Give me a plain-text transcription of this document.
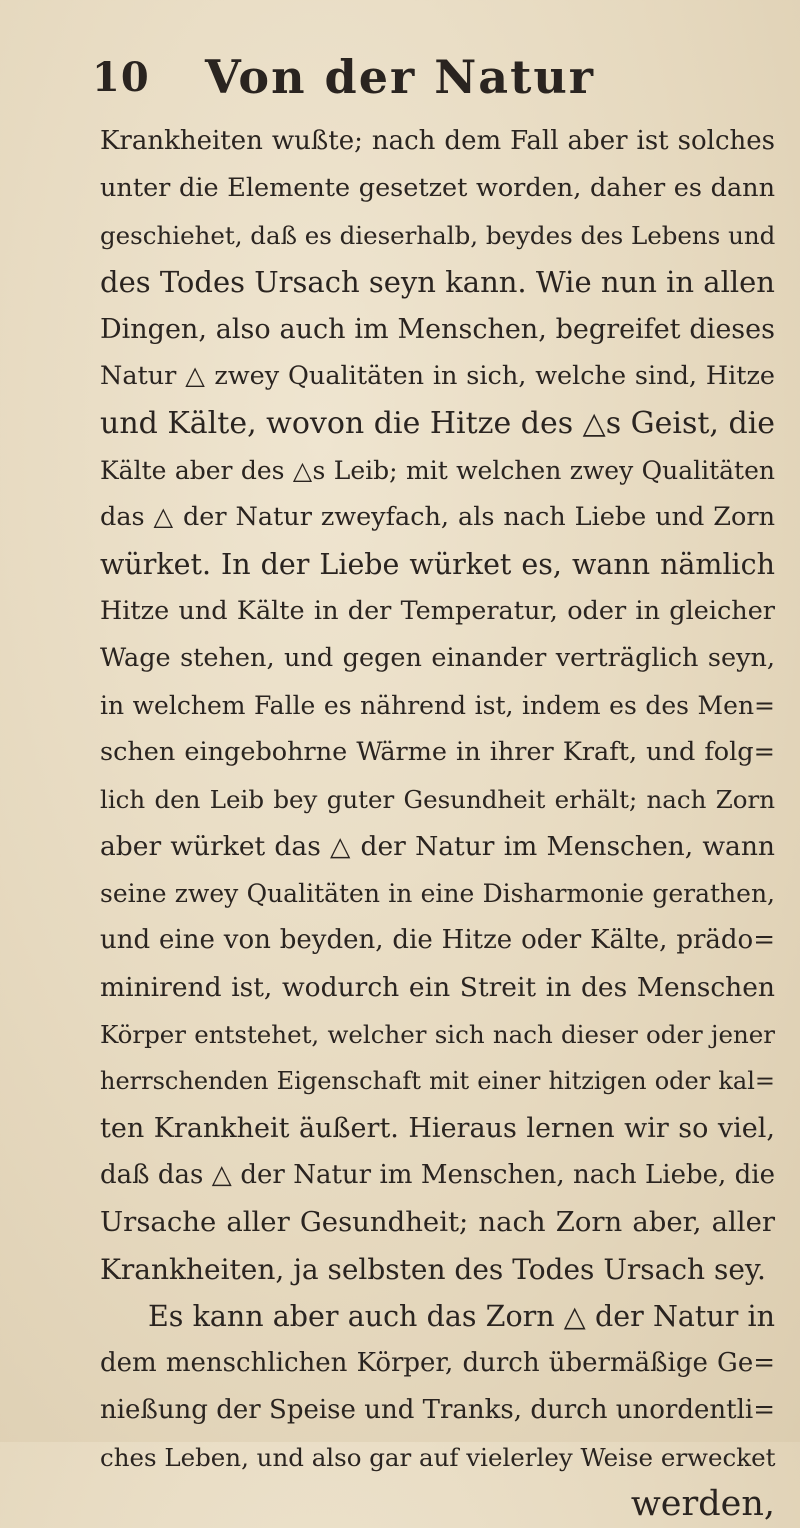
10	Von der Natur
Krankheiten wußte; nach dem Fall aber ist solches
unter die Elemente gesetzet worden, daher es dann
geschiehet, daß es dieserhalb, beydes des Lebens und
des Todes Ursach seyn kann. Wie nun in allen
Dingen, also auch im Menschen, begreifet dieses
Natur △ zwey Qualitäten in sich, welche sind, Hitze
und Kälte, wovon die Hitze des △s Geist, die
Kälte aber des △s Leib; mit welchen zwey Qualitäten
das △ der Natur zweyfach, als nach Liebe und Zorn
würket. In der Liebe würket es, wann nämlich
Hitze und Kälte in der Temperatur, oder in gleicher
Wage stehen, und gegen einander verträglich seyn,
in welchem Falle es nährend ist, indem es des Men=
schen eingebohrne Wärme in ihrer Kraft, und folg=
lich den Leib bey guter Gesundheit erhält; nach Zorn
aber würket das △ der Natur im Menschen, wann
seine zwey Qualitäten in eine Disharmonie gerathen,
und eine von beyden, die Hitze oder Kälte, prädo=
minirend ist, wodurch ein Streit in des Menschen
Körper entstehet, welcher sich nach dieser oder jener
herrschenden Eigenschaft mit einer hitzigen oder kal=
ten Krankheit äußert. Hieraus lernen wir so viel,
daß das △ der Natur im Menschen, nach Liebe, die
Ursache aller Gesundheit; nach Zorn aber, aller
Krankheiten, ja selbsten des Todes Ursach sey.
Es kann aber auch das Zorn △ der Natur in
dem menschlichen Körper, durch übermäßige Ge=
nießung der Speise und Tranks, durch unordentli=
ches Leben, und also gar auf vielerley Weise erwecket
werden,
